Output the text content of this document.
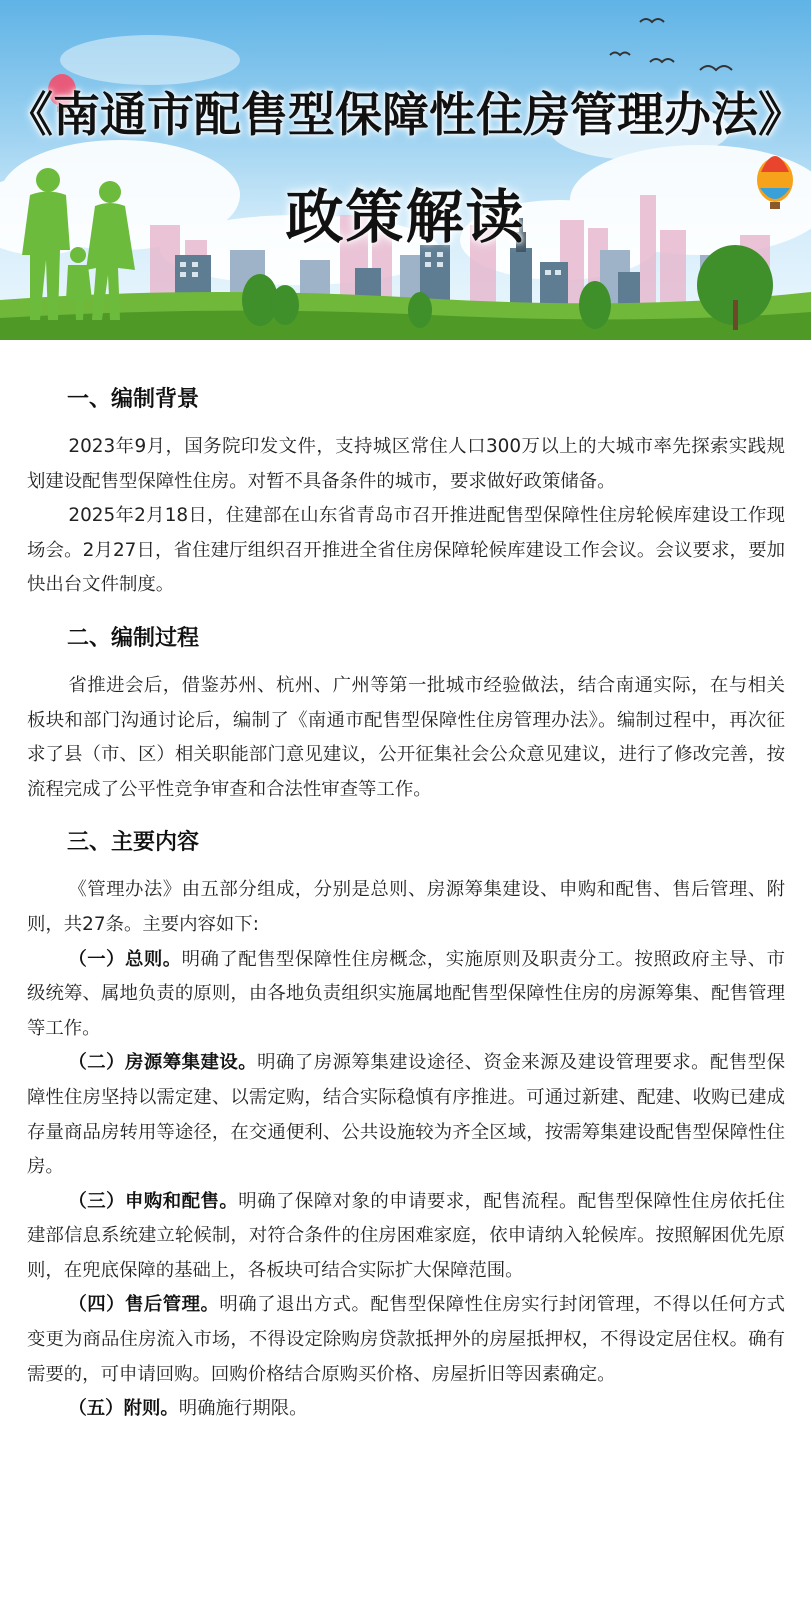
《南通市配售型保障性住房管理办法》
政策解读
一、编制背景

2023年9月，国务院印发文件，支持城区常住人口300万以上的大城市率先探索实践规划建设配售型保障性住房。对暂不具备条件的城市，要求做好政策储备。

2025年2月18日，住建部在山东省青岛市召开推进配售型保障性住房轮候库建设工作现场会。2月27日，省住建厅组织召开推进全省住房保障轮候库建设工作会议。会议要求，要加快出台文件制度。

二、编制过程

省推进会后，借鉴苏州、杭州、广州等第一批城市经验做法，结合南通实际，在与相关板块和部门沟通讨论后，编制了《南通市配售型保障性住房管理办法》。编制过程中，再次征求了县（市、区）相关职能部门意见建议，公开征集社会公众意见建议，进行了修改完善，按流程完成了公平性竞争审查和合法性审查等工作。

三、主要内容

《管理办法》由五部分组成，分别是总则、房源筹集建设、申购和配售、售后管理、附则，共27条。主要内容如下:

（一）总则。明确了配售型保障性住房概念，实施原则及职责分工。按照政府主导、市级统筹、属地负责的原则，由各地负责组织实施属地配售型保障性住房的房源筹集、配售管理等工作。

（二）房源筹集建设。明确了房源筹集建设途径、资金来源及建设管理要求。配售型保障性住房坚持以需定建、以需定购，结合实际稳慎有序推进。可通过新建、配建、收购已建成存量商品房转用等途径，在交通便利、公共设施较为齐全区域，按需筹集建设配售型保障性住房。

（三）申购和配售。明确了保障对象的申请要求，配售流程。配售型保障性住房依托住建部信息系统建立轮候制，对符合条件的住房困难家庭，依申请纳入轮候库。按照解困优先原则，在兜底保障的基础上，各板块可结合实际扩大保障范围。

（四）售后管理。明确了退出方式。配售型保障性住房实行封闭管理，不得以任何方式变更为商品住房流入市场，不得设定除购房贷款抵押外的房屋抵押权，不得设定居住权。确有需要的，可申请回购。回购价格结合原购买价格、房屋折旧等因素确定。

（五）附则。明确施行期限。
